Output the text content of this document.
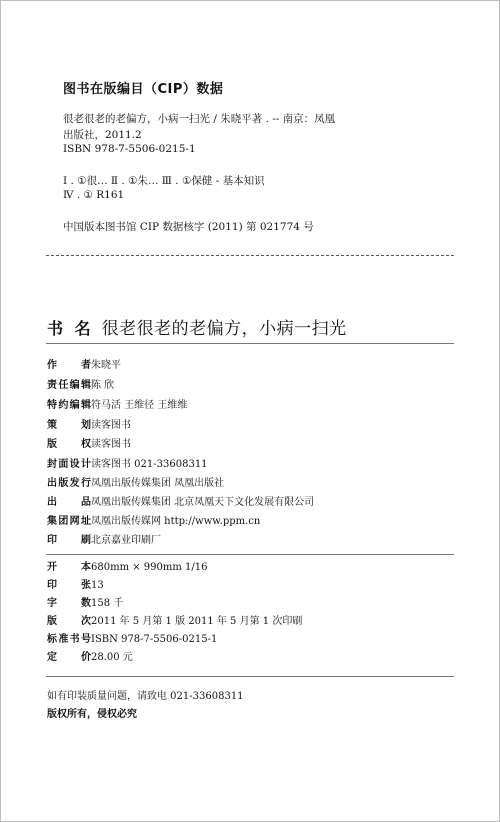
图书在版编目（CIP）数据
很老很老的老偏方，小病一扫光 / 朱晓平著 . -- 南京：凤凰
出版社，2011.2
ISBN 978-7-5506-0215-1
Ⅰ . ①很… Ⅱ . ①朱… Ⅲ . ①保健 - 基本知识
Ⅳ . ① R161
中国版本图书馆 CIP 数据核字 (2011) 第 021774 号
书 名 很老很老的老偏方，小病一扫光
作者 朱晓平
责任编辑 陈 欣
特约编辑 符马活 王维径 王维维
策划 读客图书
版权 读客图书
封面设计 读客图书 021-33608311
出版发行 凤凰出版传媒集团 凤凰出版社
出品 凤凰出版传媒集团 北京凤凰天下文化发展有限公司
集团网址 凤凰出版传媒网 http://www.ppm.cn
印刷 北京嘉业印刷厂
开本 680mm × 990mm 1/16
印张 13
字数 158 千
版次 2011 年 5 月第 1 版 2011 年 5 月第 1 次印刷
标准书号 ISBN 978-7-5506-0215-1
定价 28.00 元
如有印装质量问题，请致电 021-33608311
版权所有，侵权必究
